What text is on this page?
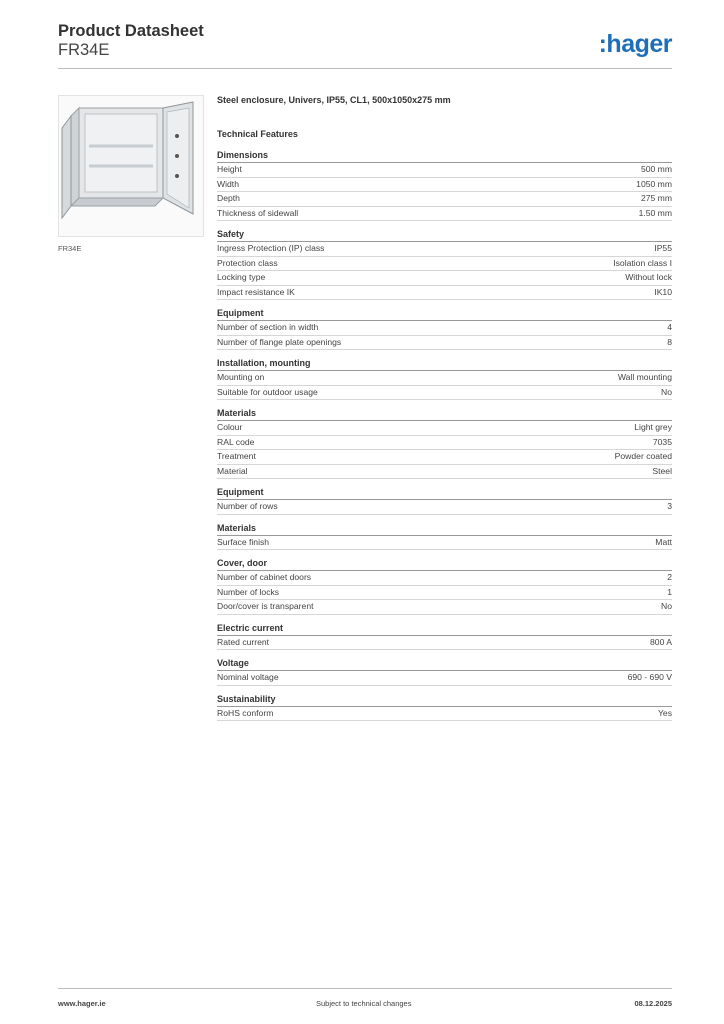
Product Datasheet
FR34E	:hager
FR34E
Steel enclosure, Univers, IP55, CL1, 500x1050x275 mm
Technical Features
Dimensions
Height	500 mm
Width	1050 mm
Depth	275 mm
Thickness of sidewall	1.50 mm
Safety
Ingress Protection (IP) class	IP55
Protection class	Isolation class I
Locking type	Without lock
Impact resistance IK	IK10
Equipment
Number of section in width	4
Number of flange plate openings	8
Installation, mounting
Mounting on	Wall mounting
Suitable for outdoor usage	No
Materials
Colour	Light grey
RAL code	7035
Treatment	Powder coated
Material	Steel
Equipment
Number of rows	3
Materials
Surface finish	Matt
Cover, door
Number of cabinet doors	2
Number of locks	1
Door/cover is transparent	No
Electric current
Rated current	800 A
Voltage
Nominal voltage	690 - 690 V
Sustainability
RoHS conform	Yes
www.hager.ie	Subject to technical changes	08.12.2025
